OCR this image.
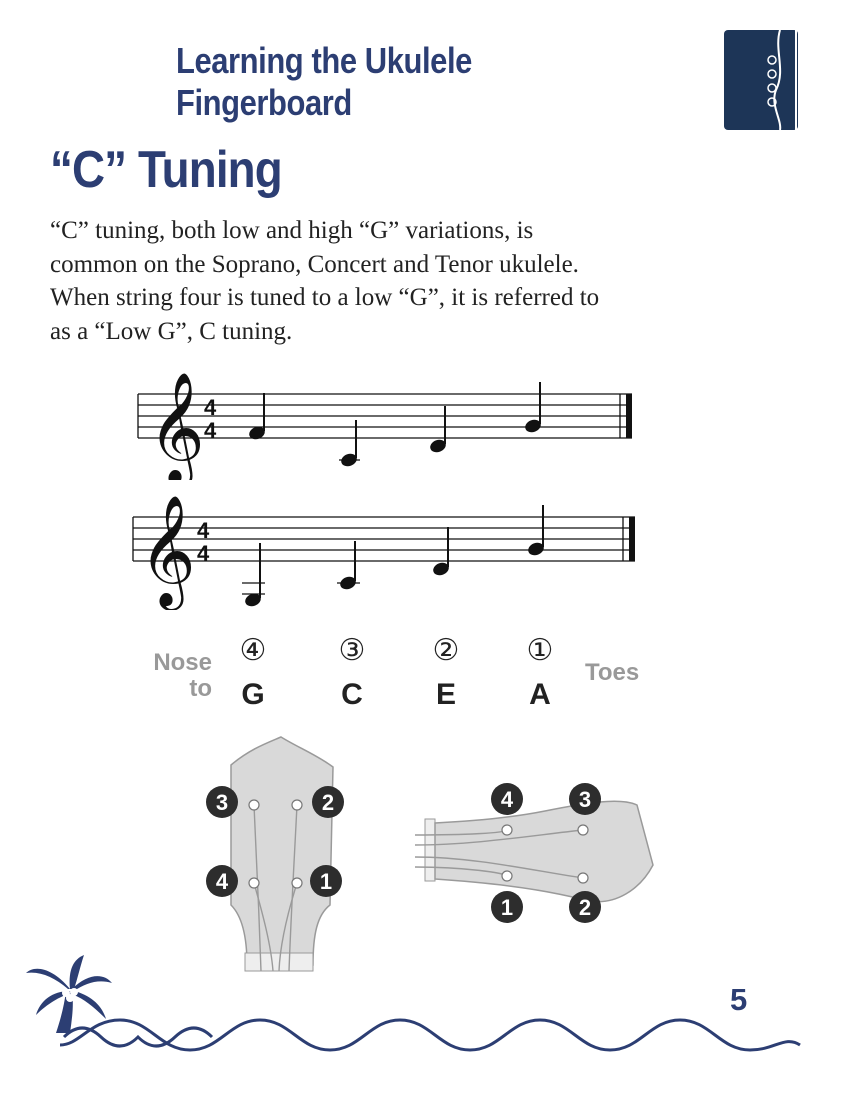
Learning the Ukulele Fingerboard
“C” Tuning
“C” tuning, both low and high “G” variations, is
common on the Soprano, Concert and Tenor ukulele.
When string four is tuned to a low “G”, it is referred to
as a “Low G”, C tuning.
𝄞 4
4
𝄞 4
4
Nose
to
④
G
③
C
②
E
①
A
Toes
3	2
4	1
4	3
1	2
5
